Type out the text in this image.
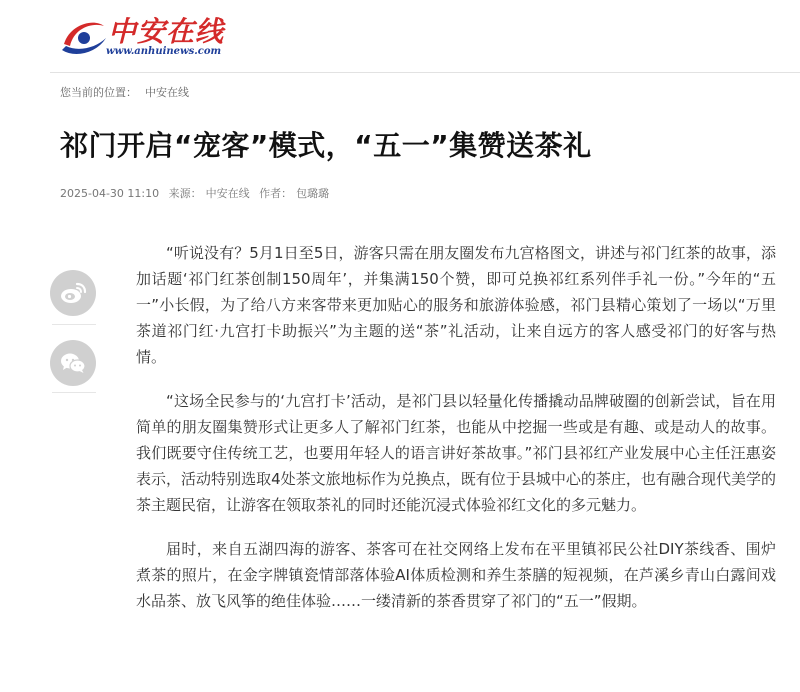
中安在线
www.anhuinews.com
您当前的位置： 中安在线
祁门开启“宠客”模式，“五一”集赞送茶礼
2025-04-30 11:10 来源： 中安在线 作者： 包璐璐

“听说没有？5月1日至5日，游客只需在朋友圈发布九宫格图文，讲述与祁门红茶的故事，添加话题‘祁门红茶创制150周年’，并集满150个赞，即可兑换祁红系列伴手礼一份。”今年的“五一”小长假，为了给八方来客带来更加贴心的服务和旅游体验感，祁门县精心策划了一场以“万里茶道祁门红·九宫打卡助振兴”为主题的送“茶”礼活动，让来自远方的客人感受祁门的好客与热情。

“这场全民参与的‘九宫打卡’活动，是祁门县以轻量化传播撬动品牌破圈的创新尝试，旨在用简单的朋友圈集赞形式让更多人了解祁门红茶，也能从中挖掘一些或是有趣、或是动人的故事。我们既要守住传统工艺，也要用年轻人的语言讲好茶故事。”祁门县祁红产业发展中心主任汪惠姿表示，活动特别选取4处茶文旅地标作为兑换点，既有位于县城中心的茶庄，也有融合现代美学的茶主题民宿，让游客在领取茶礼的同时还能沉浸式体验祁红文化的多元魅力。

届时，来自五湖四海的游客、茶客可在社交网络上发布在平里镇祁民公社DIY茶线香、围炉煮茶的照片，在金字牌镇瓷情部落体验AI体质检测和养生茶膳的短视频，在芦溪乡青山白露间戏水品茶、放飞风筝的绝佳体验……一缕清新的茶香贯穿了祁门的“五一”假期。
